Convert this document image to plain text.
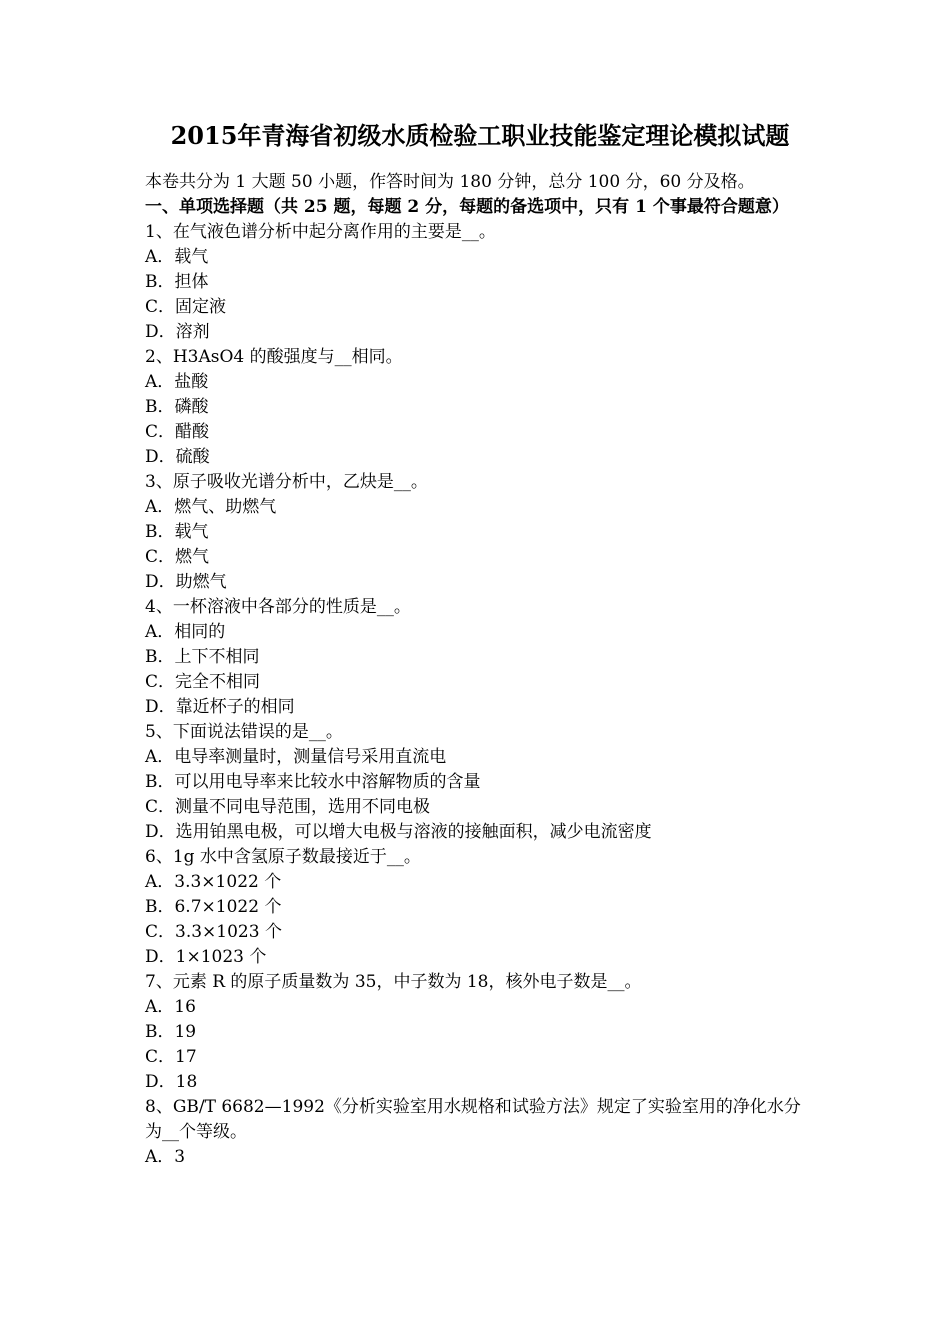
2015年青海省初级水质检验工职业技能鉴定理论模拟试题
本卷共分为 1 大题 50 小题，作答时间为 180 分钟，总分 100 分，60 分及格。
一、单项选择题（共 25 题，每题 2 分，每题的备选项中，只有 1 个事最符合题意）
1、在气液色谱分析中起分离作用的主要是__。
A．载气
B．担体
C．固定液
D．溶剂
2、H3AsO4 的酸强度与__相同。
A．盐酸
B．磷酸
C．醋酸
D．硫酸
3、原子吸收光谱分析中，乙炔是__。
A．燃气、助燃气
B．载气
C．燃气
D．助燃气
4、一杯溶液中各部分的性质是__。
A．相同的
B．上下不相同
C．完全不相同
D．靠近杯子的相同
5、下面说法错误的是__。
A．电导率测量时，测量信号采用直流电
B．可以用电导率来比较水中溶解物质的含量
C．测量不同电导范围，选用不同电极
D．选用铂黑电极，可以增大电极与溶液的接触面积，减少电流密度
6、1g 水中含氢原子数最接近于__。
A．3.3×1022 个
B．6.7×1022 个
C．3.3×1023 个
D．1×1023 个
7、元素 R 的原子质量数为 35，中子数为 18，核外电子数是__。
A．16
B．19
C．17
D．18
8、GB/T 6682—1992《分析实验室用水规格和试验方法》规定了实验室用的净化水分为__个等级。
A．3
